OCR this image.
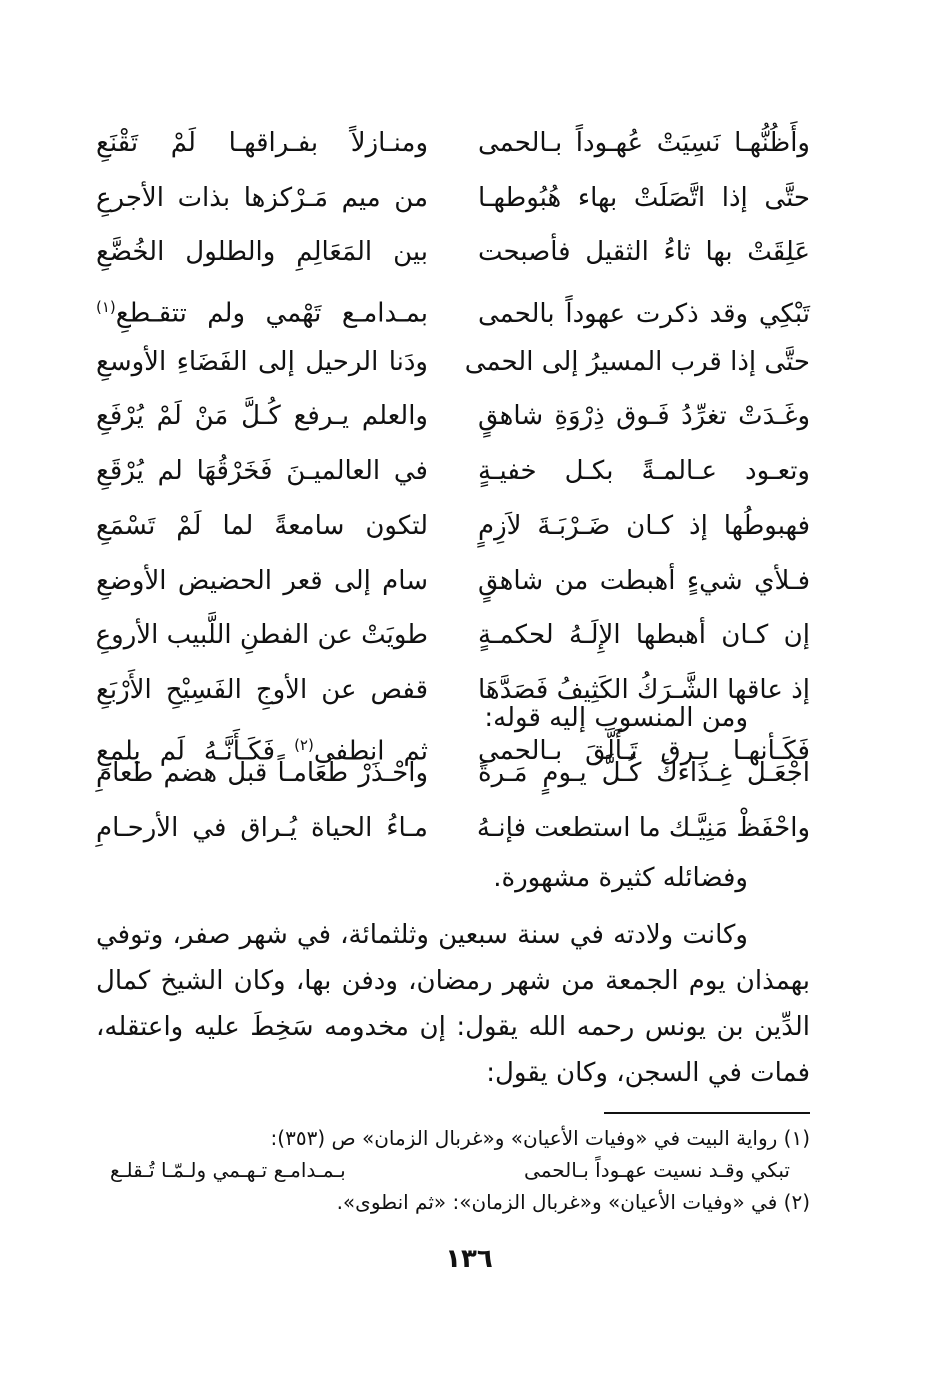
وأَظُنُّهـا نَسِيَتْ عُهـوداً بـالحمى
ومنـازلاً بفـراقهـا لَمْ تَقْنَعِ
حتَّى إذا اتَّصَلَتْ بهاء هُبُوطهـا
من ميم مَـرْكزها بذات الأجرعِ
عَلِقَتْ بها ثاءُ الثقيل فأصبحت
بين المَعَالِمِ والطلول الخُضَّعِ
تَبْكِي وقد ذكرت عهوداً بالحمى
بمـدامـع تَهْمي ولم تتقـطعِ$^{(١)}$
حتَّى إذا قرب المسيرُ إلى الحمى
ودَنا الرحيل إلى الفَضَاءِ الأوسعِ
وغَـدَتْ تغرِّدُ فَـوق ذِرْوَةِ شاهقٍ
والعلم يـرفع كُـلَّ مَنْ لَمْ يُرْفَعِ
وتعـود عـالمـةً بكـل خفيـةٍ
في العالميـنَ فَخَرْقُهَا لم يُرْقَعِ
فهبوطُها إذ كـان ضَـرْبَـةَ لاَزِمٍ
لتكون سامعةً لما لَمْ تَسْمَعِ
فـلأي شيءٍ أهبطت من شاهقٍ
سام إلى قعر الحضيض الأوضعِ
إن كـان أهبطها الإِلَـهُ لحكمـةٍ
طويَتْ عن الفطنِ اللَّبيب الأروعِ
إذ عاقها الشَّـرَكُ الكَثِيفُ فَصَدَّهَا
قفص عن الأوجِ الفَسِيْحِ الأَرْبَعِ
فَكَـأنهـا بـرق تَـأَلَّقَ بـالحمى
ثم انطفى$^{(٢)}$ فَكَـأَنَّـهُ لَم يلمعِ
ومن المنسوب إليه قوله:
اجْعَـل غِـذَاءَكَ كُـلَّ يـومٍ مَـرةً
واحْـذَرْ طَعَامـاً قبل هضم طعامِ
واحْفَظْ مَنِيَّـك ما استطعت فإنـهُ
مـاءُ الحياة يُـراق في الأرحـامِ
وفضائله كثيرة مشهورة.

وكانت ولادته في سنة سبعين وثلثمائة، في شهر صفر، وتوفي بهمذان يوم الجمعة من شهر رمضان، ودفن بها، وكان الشيخ كمال الدِّين بن يونس رحمه الله يقول: إن مخدومه سَخِطَ عليه واعتقله، فمات في السجن، وكان يقول:

(١) رواية البيت في «وفيات الأعيان» و«غربال الزمان» ص (٣٥٣):
تبكي وقـد نسيت عهـوداً بـالحمى
بـمـدامـع تـهـمي ولـمّـا تُـقلـع
(٢) في «وفيات الأعيان» و«غربال الزمان»: «ثم انطوى».
١٣٦
